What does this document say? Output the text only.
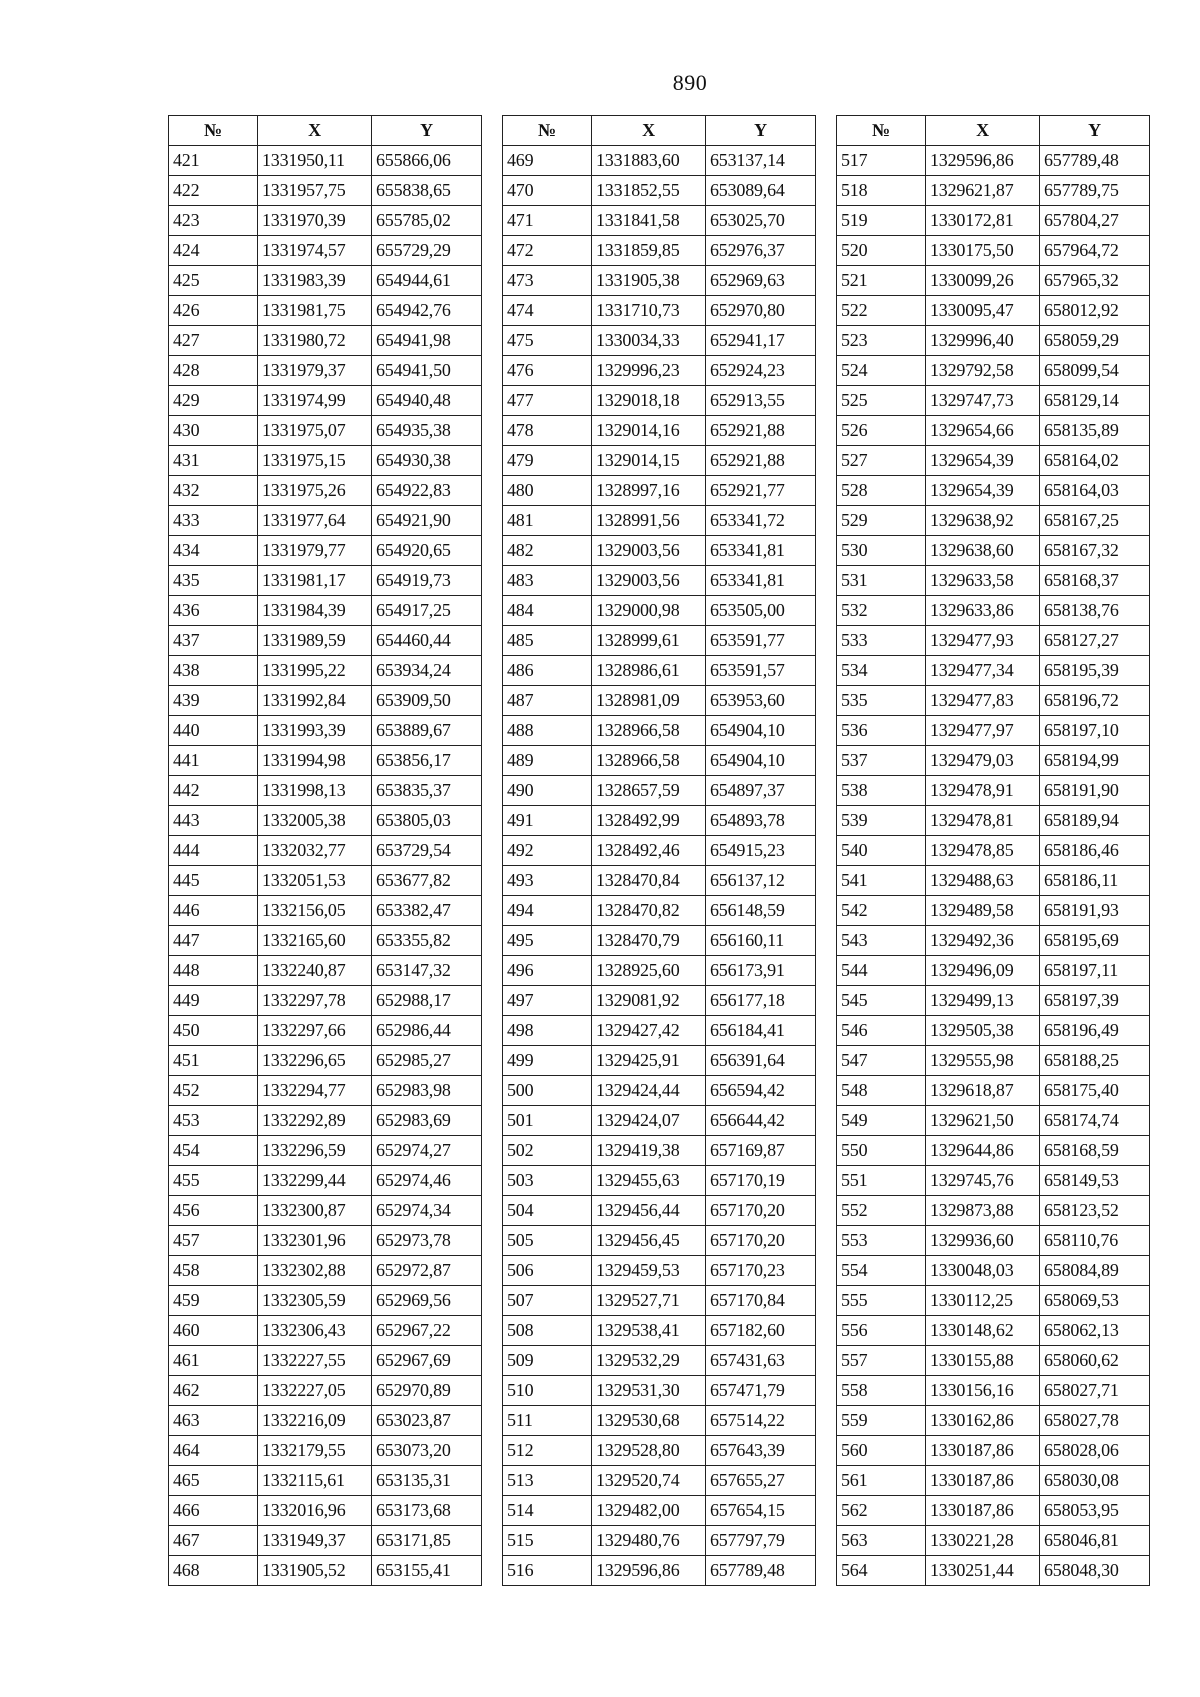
890
№	X	Y
421	1331950,11	655866,06
422	1331957,75	655838,65
423	1331970,39	655785,02
424	1331974,57	655729,29
425	1331983,39	654944,61
426	1331981,75	654942,76
427	1331980,72	654941,98
428	1331979,37	654941,50
429	1331974,99	654940,48
430	1331975,07	654935,38
431	1331975,15	654930,38
432	1331975,26	654922,83
433	1331977,64	654921,90
434	1331979,77	654920,65
435	1331981,17	654919,73
436	1331984,39	654917,25
437	1331989,59	654460,44
438	1331995,22	653934,24
439	1331992,84	653909,50
440	1331993,39	653889,67
441	1331994,98	653856,17
442	1331998,13	653835,37
443	1332005,38	653805,03
444	1332032,77	653729,54
445	1332051,53	653677,82
446	1332156,05	653382,47
447	1332165,60	653355,82
448	1332240,87	653147,32
449	1332297,78	652988,17
450	1332297,66	652986,44
451	1332296,65	652985,27
452	1332294,77	652983,98
453	1332292,89	652983,69
454	1332296,59	652974,27
455	1332299,44	652974,46
456	1332300,87	652974,34
457	1332301,96	652973,78
458	1332302,88	652972,87
459	1332305,59	652969,56
460	1332306,43	652967,22
461	1332227,55	652967,69
462	1332227,05	652970,89
463	1332216,09	653023,87
464	1332179,55	653073,20
465	1332115,61	653135,31
466	1332016,96	653173,68
467	1331949,37	653171,85
468	1331905,52	653155,41
№	X	Y
469	1331883,60	653137,14
470	1331852,55	653089,64
471	1331841,58	653025,70
472	1331859,85	652976,37
473	1331905,38	652969,63
474	1331710,73	652970,80
475	1330034,33	652941,17
476	1329996,23	652924,23
477	1329018,18	652913,55
478	1329014,16	652921,88
479	1329014,15	652921,88
480	1328997,16	652921,77
481	1328991,56	653341,72
482	1329003,56	653341,81
483	1329003,56	653341,81
484	1329000,98	653505,00
485	1328999,61	653591,77
486	1328986,61	653591,57
487	1328981,09	653953,60
488	1328966,58	654904,10
489	1328966,58	654904,10
490	1328657,59	654897,37
491	1328492,99	654893,78
492	1328492,46	654915,23
493	1328470,84	656137,12
494	1328470,82	656148,59
495	1328470,79	656160,11
496	1328925,60	656173,91
497	1329081,92	656177,18
498	1329427,42	656184,41
499	1329425,91	656391,64
500	1329424,44	656594,42
501	1329424,07	656644,42
502	1329419,38	657169,87
503	1329455,63	657170,19
504	1329456,44	657170,20
505	1329456,45	657170,20
506	1329459,53	657170,23
507	1329527,71	657170,84
508	1329538,41	657182,60
509	1329532,29	657431,63
510	1329531,30	657471,79
511	1329530,68	657514,22
512	1329528,80	657643,39
513	1329520,74	657655,27
514	1329482,00	657654,15
515	1329480,76	657797,79
516	1329596,86	657789,48
№	X	Y
517	1329596,86	657789,48
518	1329621,87	657789,75
519	1330172,81	657804,27
520	1330175,50	657964,72
521	1330099,26	657965,32
522	1330095,47	658012,92
523	1329996,40	658059,29
524	1329792,58	658099,54
525	1329747,73	658129,14
526	1329654,66	658135,89
527	1329654,39	658164,02
528	1329654,39	658164,03
529	1329638,92	658167,25
530	1329638,60	658167,32
531	1329633,58	658168,37
532	1329633,86	658138,76
533	1329477,93	658127,27
534	1329477,34	658195,39
535	1329477,83	658196,72
536	1329477,97	658197,10
537	1329479,03	658194,99
538	1329478,91	658191,90
539	1329478,81	658189,94
540	1329478,85	658186,46
541	1329488,63	658186,11
542	1329489,58	658191,93
543	1329492,36	658195,69
544	1329496,09	658197,11
545	1329499,13	658197,39
546	1329505,38	658196,49
547	1329555,98	658188,25
548	1329618,87	658175,40
549	1329621,50	658174,74
550	1329644,86	658168,59
551	1329745,76	658149,53
552	1329873,88	658123,52
553	1329936,60	658110,76
554	1330048,03	658084,89
555	1330112,25	658069,53
556	1330148,62	658062,13
557	1330155,88	658060,62
558	1330156,16	658027,71
559	1330162,86	658027,78
560	1330187,86	658028,06
561	1330187,86	658030,08
562	1330187,86	658053,95
563	1330221,28	658046,81
564	1330251,44	658048,30
